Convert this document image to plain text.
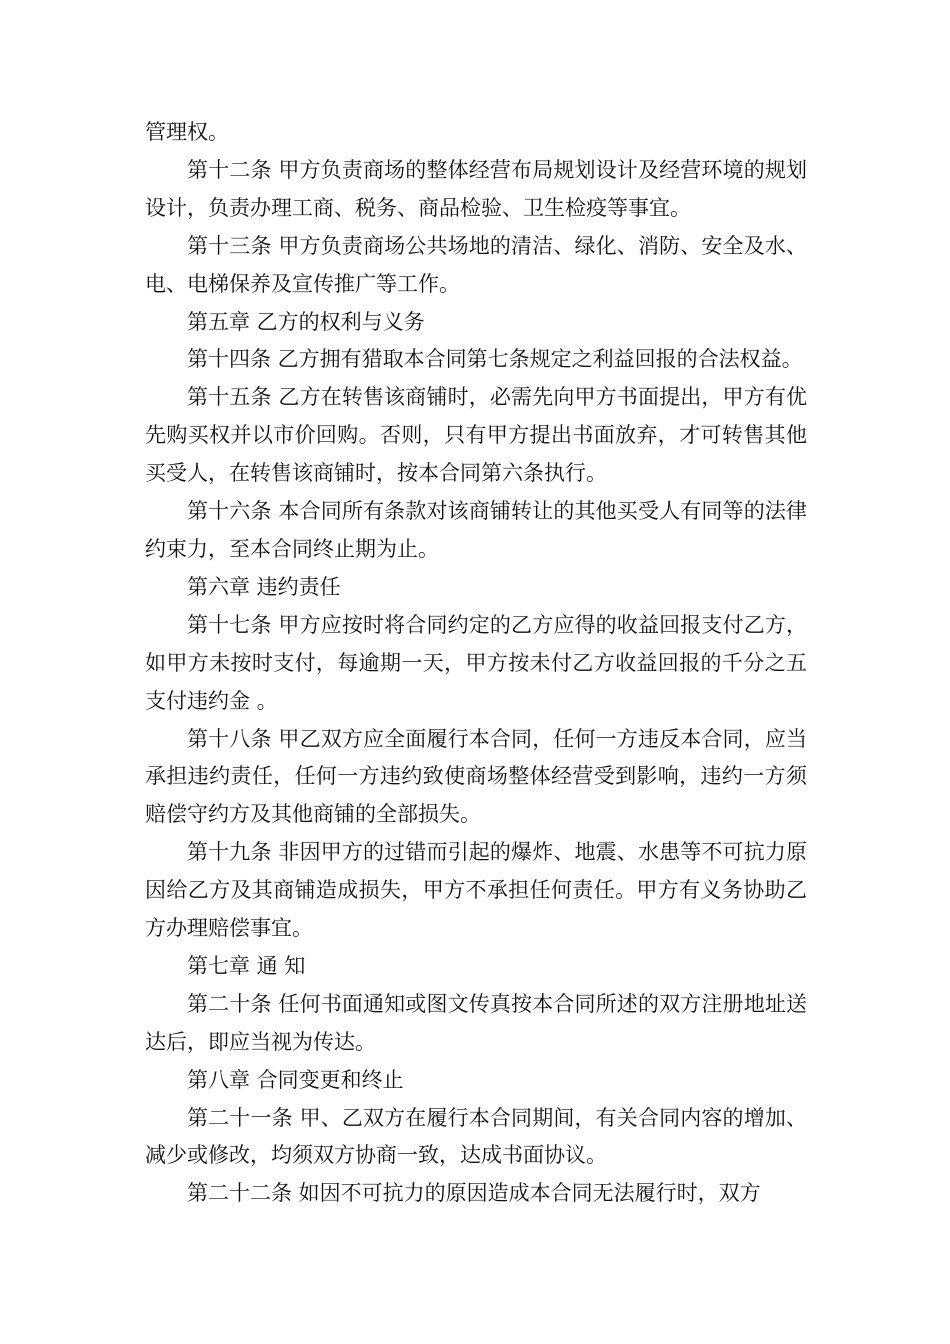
管理权。

第十二条 甲方负责商场的整体经营布局规划设计及经营环境的规划设计，负责办理工商、税务、商品检验、卫生检疫等事宜。

第十三条 甲方负责商场公共场地的清洁、绿化、消防、安全及水、电、电梯保养及宣传推广等工作。

第五章 乙方的权利与义务

第十四条 乙方拥有猎取本合同第七条规定之利益回报的合法权益。

第十五条 乙方在转售该商铺时，必需先向甲方书面提出，甲方有优先购买权并以市价回购。否则，只有甲方提出书面放弃，才可转售其他买受人，在转售该商铺时，按本合同第六条执行。

第十六条 本合同所有条款对该商铺转让的其他买受人有同等的法律约束力，至本合同终止期为止。

第六章 违约责任

第十七条 甲方应按时将合同约定的乙方应得的收益回报支付乙方，如甲方未按时支付，每逾期一天，甲方按未付乙方收益回报的千分之五支付违约金 。

第十八条 甲乙双方应全面履行本合同，任何一方违反本合同，应当承担违约责任，任何一方违约致使商场整体经营受到影响，违约一方须赔偿守约方及其他商铺的全部损失。

第十九条 非因甲方的过错而引起的爆炸、地震、水患等不可抗力原因给乙方及其商铺造成损失，甲方不承担任何责任。甲方有义务协助乙方办理赔偿事宜。

第七章 通 知

第二十条 任何书面通知或图文传真按本合同所述的双方注册地址送达后，即应当视为传达。

第八章 合同变更和终止

第二十一条 甲、乙双方在履行本合同期间，有关合同内容的增加、减少或修改，均须双方协商一致，达成书面协议。

第二十二条 如因不可抗力的原因造成本合同无法履行时，双方
